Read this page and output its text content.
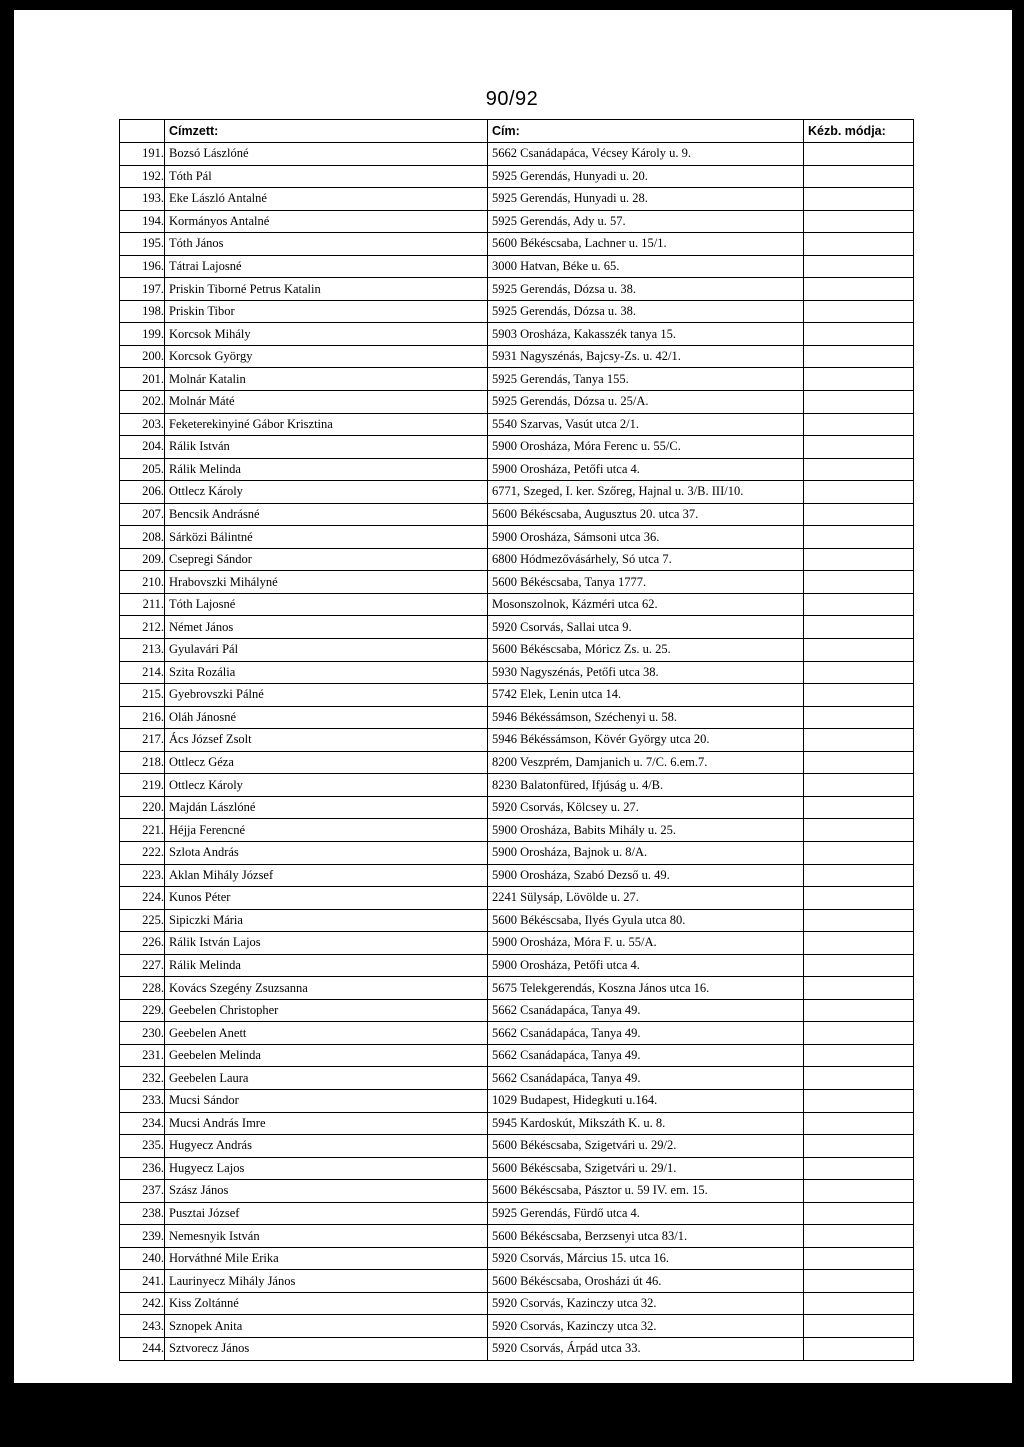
90/92
	Címzett:	Cím:	Kézb. módja:
191.	Bozsó Lászlóné	5662 Csanádapáca, Vécsey Károly u. 9.	
192.	Tóth Pál	5925 Gerendás, Hunyadi u. 20.	
193.	Eke László Antalné	5925 Gerendás, Hunyadi u. 28.	
194.	Kormányos Antalné	5925 Gerendás, Ady u. 57.	
195.	Tóth János	5600 Békéscsaba, Lachner u. 15/1.	
196.	Tátrai Lajosné	3000 Hatvan, Béke u. 65.	
197.	Priskin Tiborné Petrus Katalin	5925 Gerendás, Dózsa u. 38.	
198.	Priskin Tibor	5925 Gerendás, Dózsa u. 38.	
199.	Korcsok Mihály	5903 Orosháza, Kakasszék tanya 15.	
200.	Korcsok György	5931 Nagyszénás, Bajcsy-Zs. u. 42/1.	
201.	Molnár Katalin	5925 Gerendás, Tanya 155.	
202.	Molnár Máté	5925 Gerendás, Dózsa u. 25/A.	
203.	Feketerekinyiné Gábor Krisztina	5540 Szarvas, Vasút utca 2/1.	
204.	Rálik István	5900 Orosháza, Móra Ferenc u. 55/C.	
205.	Rálik Melinda	5900 Orosháza, Petőfi utca 4.	
206.	Ottlecz Károly	6771, Szeged, I. ker. Szőreg, Hajnal u. 3/B. III/10.	
207.	Bencsik Andrásné	5600 Békéscsaba, Augusztus 20. utca 37.	
208.	Sárközi Bálintné	5900 Orosháza, Sámsoni utca 36.	
209.	Csepregi Sándor	6800 Hódmezővásárhely, Só utca 7.	
210.	Hrabovszki Mihályné	5600 Békéscsaba, Tanya 1777.	
211.	Tóth Lajosné	Mosonszolnok, Kázméri utca 62.	
212.	Német János	5920 Csorvás, Sallai utca 9.	
213.	Gyulavári Pál	5600 Békéscsaba, Móricz Zs. u. 25.	
214.	Szita Rozália	5930 Nagyszénás, Petőfi utca 38.	
215.	Gyebrovszki Pálné	5742 Elek, Lenin utca 14.	
216.	Oláh Jánosné	5946 Békéssámson, Széchenyi u. 58.	
217.	Ács József Zsolt	5946 Békéssámson, Kövér György utca 20.	
218.	Ottlecz Géza	8200 Veszprém, Damjanich u. 7/C. 6.em.7.	
219.	Ottlecz Károly	8230 Balatonfüred, Ifjúság u. 4/B.	
220.	Majdán Lászlóné	5920 Csorvás, Kölcsey u. 27.	
221.	Héjja Ferencné	5900 Orosháza, Babits Mihály u. 25.	
222.	Szlota András	5900 Orosháza, Bajnok u. 8/A.	
223.	Aklan Mihály József	5900 Orosháza, Szabó Dezső u. 49.	
224.	Kunos Péter	2241 Sülysáp, Lövölde u. 27.	
225.	Sipiczki Mária	5600 Békéscsaba, Ilyés Gyula utca 80.	
226.	Rálik István Lajos	5900 Orosháza, Móra F. u. 55/A.	
227.	Rálik Melinda	5900 Orosháza, Petőfi utca 4.	
228.	Kovács Szegény Zsuzsanna	5675 Telekgerendás, Koszna János utca 16.	
229.	Geebelen Christopher	5662 Csanádapáca, Tanya 49.	
230.	Geebelen Anett	5662 Csanádapáca, Tanya 49.	
231.	Geebelen Melinda	5662 Csanádapáca, Tanya 49.	
232.	Geebelen Laura	5662 Csanádapáca, Tanya 49.	
233.	Mucsi Sándor	1029 Budapest, Hidegkuti u.164.	
234.	Mucsi András Imre	5945 Kardoskút, Mikszáth K. u. 8.	
235.	Hugyecz András	5600 Békéscsaba, Szigetvári u. 29/2.	
236.	Hugyecz Lajos	5600 Békéscsaba, Szigetvári u. 29/1.	
237.	Szász János	5600 Békéscsaba, Pásztor u. 59 IV. em. 15.	
238.	Pusztai József	5925 Gerendás, Fürdő utca 4.	
239.	Nemesnyik István	5600 Békéscsaba, Berzsenyi utca 83/1.	
240.	Horváthné Mile Erika	5920 Csorvás, Március 15. utca 16.	
241.	Laurinyecz Mihály János	5600 Békéscsaba, Orosházi út 46.	
242.	Kiss Zoltánné	5920 Csorvás, Kazinczy utca 32.	
243.	Sznopek Anita	5920 Csorvás, Kazinczy utca 32.	
244.	Sztvorecz János	5920 Csorvás, Árpád utca 33.	
